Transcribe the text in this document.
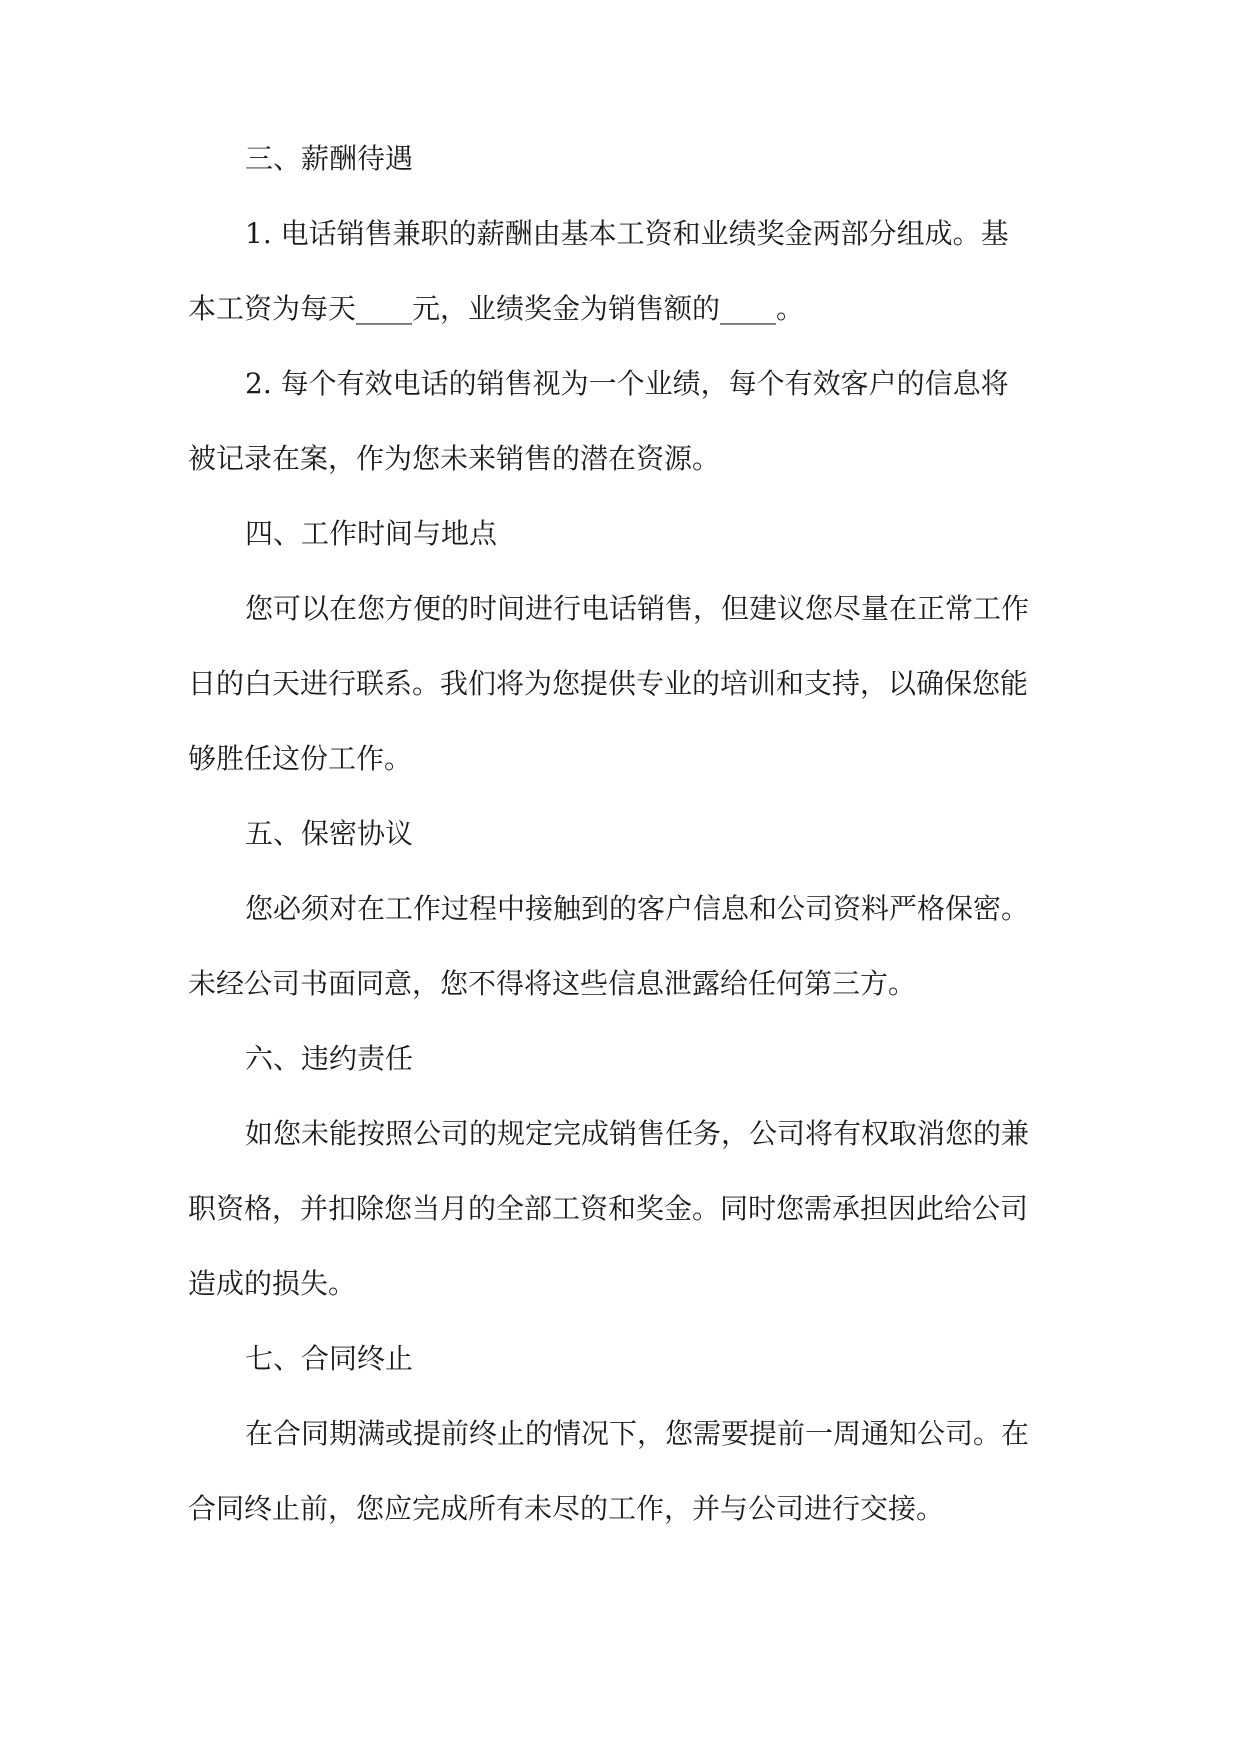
三、薪酬待遇

1. 电话销售兼职的薪酬由基本工资和业绩奖金两部分组成。基

本工资为每天____元，业绩奖金为销售额的____。

2. 每个有效电话的销售视为一个业绩，每个有效客户的信息将

被记录在案，作为您未来销售的潜在资源。

四、工作时间与地点

您可以在您方便的时间进行电话销售，但建议您尽量在正常工作

日的白天进行联系。我们将为您提供专业的培训和支持，以确保您能

够胜任这份工作。

五、保密协议

您必须对在工作过程中接触到的客户信息和公司资料严格保密。

未经公司书面同意，您不得将这些信息泄露给任何第三方。

六、违约责任

如您未能按照公司的规定完成销售任务，公司将有权取消您的兼

职资格，并扣除您当月的全部工资和奖金。同时您需承担因此给公司

造成的损失。

七、合同终止

在合同期满或提前终止的情况下，您需要提前一周通知公司。在

合同终止前，您应完成所有未尽的工作，并与公司进行交接。
